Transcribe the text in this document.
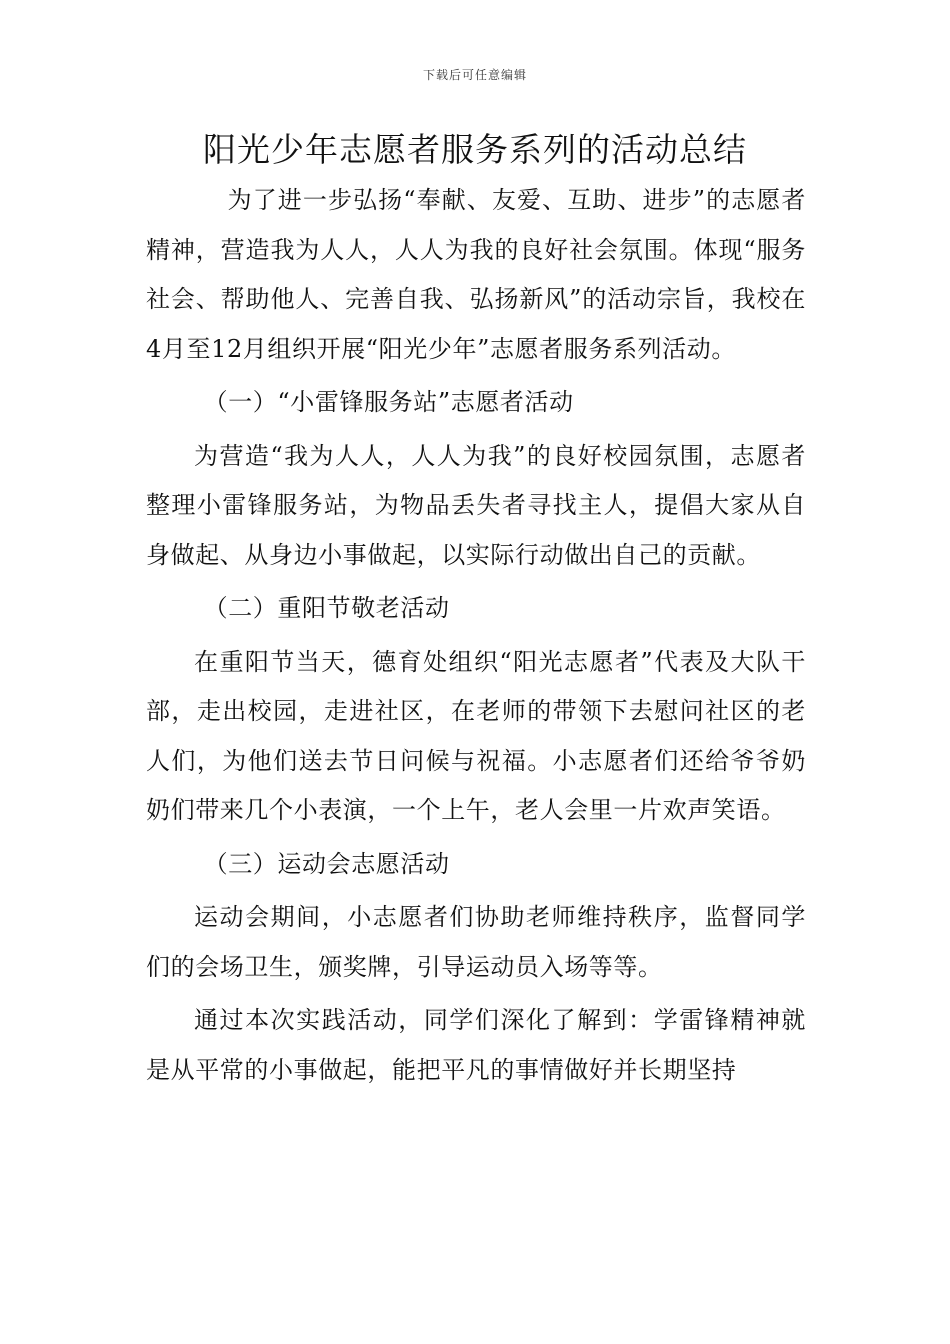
下载后可任意编辑
阳光少年志愿者服务系列的活动总结

为了进一步弘扬“奉献、友爱、互助、进步”的志愿者精神，营造我为人人，人人为我的良好社会氛围。体现“服务社会、帮助他人、完善自我、弘扬新风”的活动宗旨，我校在4月至12月组织开展“阳光少年”志愿者服务系列活动。

（一）“小雷锋服务站”志愿者活动

为营造“我为人人，人人为我”的良好校园氛围，志愿者整理小雷锋服务站，为物品丢失者寻找主人，提倡大家从自身做起、从身边小事做起，以实际行动做出自己的贡献。

（二）重阳节敬老活动

在重阳节当天，德育处组织“阳光志愿者”代表及大队干部，走出校园，走进社区，在老师的带领下去慰问社区的老人们，为他们送去节日问候与祝福。小志愿者们还给爷爷奶奶们带来几个小表演，一个上午，老人会里一片欢声笑语。

（三）运动会志愿活动

运动会期间，小志愿者们协助老师维持秩序，监督同学们的会场卫生，颁奖牌，引导运动员入场等等。

通过本次实践活动，同学们深化了解到：学雷锋精神就是从平常的小事做起，能把平凡的事情做好并长期坚持
